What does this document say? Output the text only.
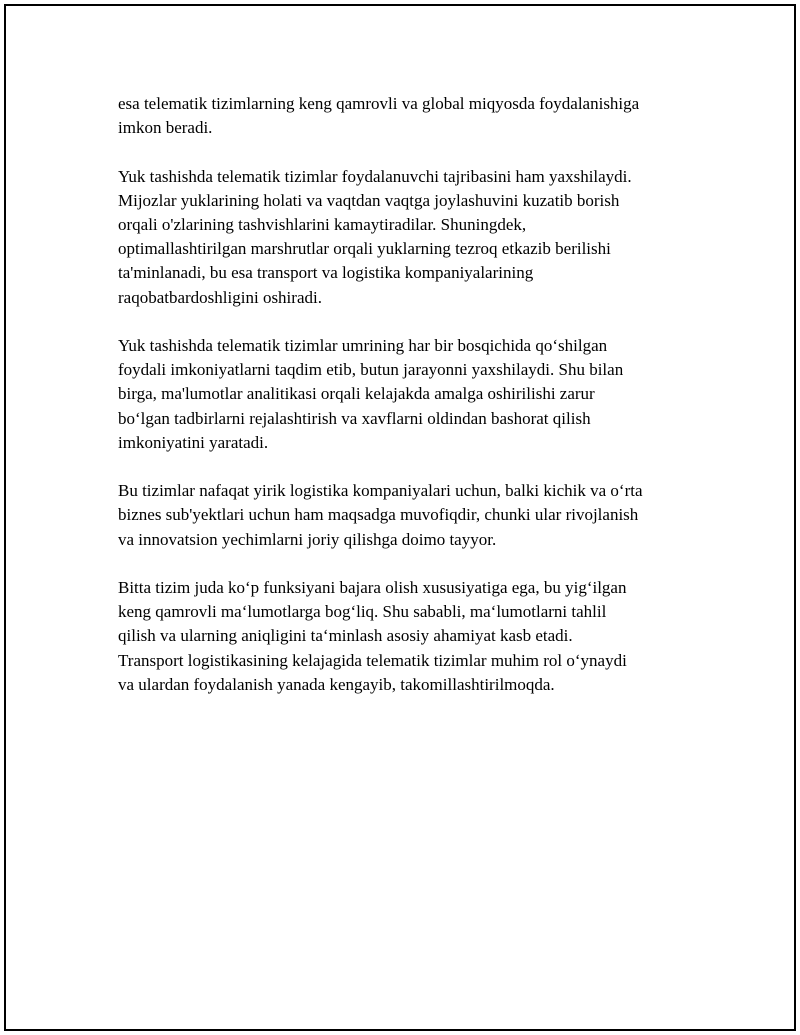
esa telematik tizimlarning keng qamrovli va global miqyosda foydalanishiga
imkon beradi.

Yuk tashishda telematik tizimlar foydalanuvchi tajribasini ham yaxshilaydi.
Mijozlar yuklarining holati va vaqtdan vaqtga joylashuvini kuzatib borish
orqali o'zlarining tashvishlarini kamaytiradilar. Shuningdek,
optimallashtirilgan marshrutlar orqali yuklarning tezroq etkazib berilishi
ta'minlanadi, bu esa transport va logistika kompaniyalarining
raqobatbardoshligini oshiradi.

Yuk tashishda telematik tizimlar umrining har bir bosqichida qo‘shilgan
foydali imkoniyatlarni taqdim etib, butun jarayonni yaxshilaydi. Shu bilan
birga, ma'lumotlar analitikasi orqali kelajakda amalga oshirilishi zarur
bo‘lgan tadbirlarni rejalashtirish va xavflarni oldindan bashorat qilish
imkoniyatini yaratadi.

Bu tizimlar nafaqat yirik logistika kompaniyalari uchun, balki kichik va o‘rta
biznes sub'yektlari uchun ham maqsadga muvofiqdir, chunki ular rivojlanish
va innovatsion yechimlarni joriy qilishga doimo tayyor.

Bitta tizim juda ko‘p funksiyani bajara olish xususiyatiga ega, bu yig‘ilgan
keng qamrovli ma‘lumotlarga bog‘liq. Shu sababli, ma‘lumotlarni tahlil
qilish va ularning aniqligini ta‘minlash asosiy ahamiyat kasb etadi.
Transport logistikasining kelajagida telematik tizimlar muhim rol o‘ynaydi
va ulardan foydalanish yanada kengayib, takomillashtirilmoqda.
